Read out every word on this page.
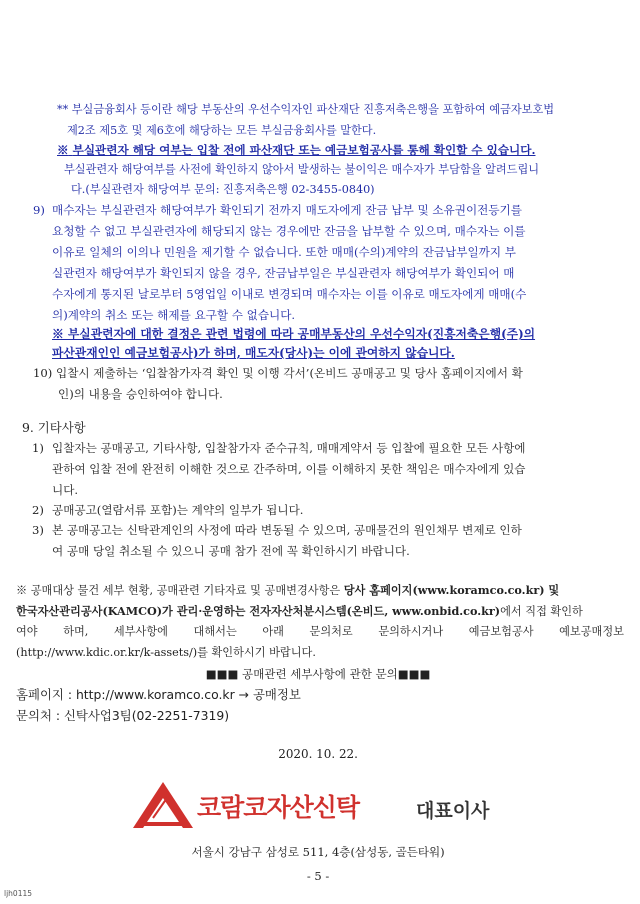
** 부실금융회사 등이란 해당 부동산의 우선수익자인 파산재단 진흥저축은행을 포함하여 예금자보호법
제2조 제5호 및 제6호에 해당하는 모든 부실금융회사를 말한다.
※ 부실관련자 해당 여부는 입찰 전에 파산재단 또는 예금보험공사를 통해 확인할 수 있습니다.
부실관련자 해당여부를 사전에 확인하지 않아서 발생하는 불이익은 매수자가 부담함을 알려드립니
다.(부실관련자 해당여부 문의: 진흥저축은행 02-3455-0840)
9) 매수자는 부실관련자 해당여부가 확인되기 전까지 매도자에게 잔금 납부 및 소유권이전등기를
요청할 수 없고 부실관련자에 해당되지 않는 경우에만 잔금을 납부할 수 있으며, 매수자는 이를
이유로 일체의 이의나 민원을 제기할 수 없습니다. 또한 매매(수의)계약의 잔금납부일까지 부
실관련자 해당여부가 확인되지 않을 경우, 잔금납부일은 부실관련자 해당여부가 확인되어 매
수자에게 통지된 날로부터 5영업일 이내로 변경되며 매수자는 이를 이유로 매도자에게 매매(수
의)계약의 취소 또는 해제를 요구할 수 없습니다.
※ 부실관련자에 대한 결정은 관련 법령에 따라 공매부동산의 우선수익자(진흥저축은행(주)의
파산관재인인 예금보험공사)가 하며, 매도자(당사)는 이에 관여하지 않습니다.
10) 입찰시 제출하는 ‘입찰참가자격 확인 및 이행 각서’(온비드 공매공고 및 당사 홈페이지에서 확
인)의 내용을 승인하여야 합니다.
9. 기타사항
1) 입찰자는 공매공고, 기타사항, 입찰참가자 준수규칙, 매매계약서 등 입찰에 필요한 모든 사항에
관하여 입찰 전에 완전히 이해한 것으로 간주하며, 이를 이해하지 못한 책임은 매수자에게 있습
니다.
2) 공매공고(열람서류 포함)는 계약의 일부가 됩니다.
3) 본 공매공고는 신탁관계인의 사정에 따라 변동될 수 있으며, 공매물건의 원인채무 변제로 인하
여 공매 당일 취소될 수 있으니 공매 참가 전에 꼭 확인하시기 바랍니다.
※ 공매대상 물건 세부 현황, 공매관련 기타자료 및 공매변경사항은 당사 홈페이지(www.koramco.co.kr) 및
한국자산관리공사(KAMCO)가 관리·운영하는 전자자산처분시스템(온비드, www.onbid.co.kr)에서 직접 확인하
여야 하며, 세부사항에 대해서는 아래 문의처로 문의하시거나 예금보험공사 예보공매정보
(http://www.kdic.or.kr/k-assets/)를 확인하시기 바랍니다.
■■■ 공매관련 세부사항에 관한 문의■■■
홈페이지 : http://www.koramco.co.kr → 공매정보
문의처 : 신탁사업3팀(02-2251-7319)
2020. 10. 22.
코람코자산신탁	대표이사
서울시 강남구 삼성로 511, 4층(삼성동, 골든타워)
- 5 -
ljh0115
